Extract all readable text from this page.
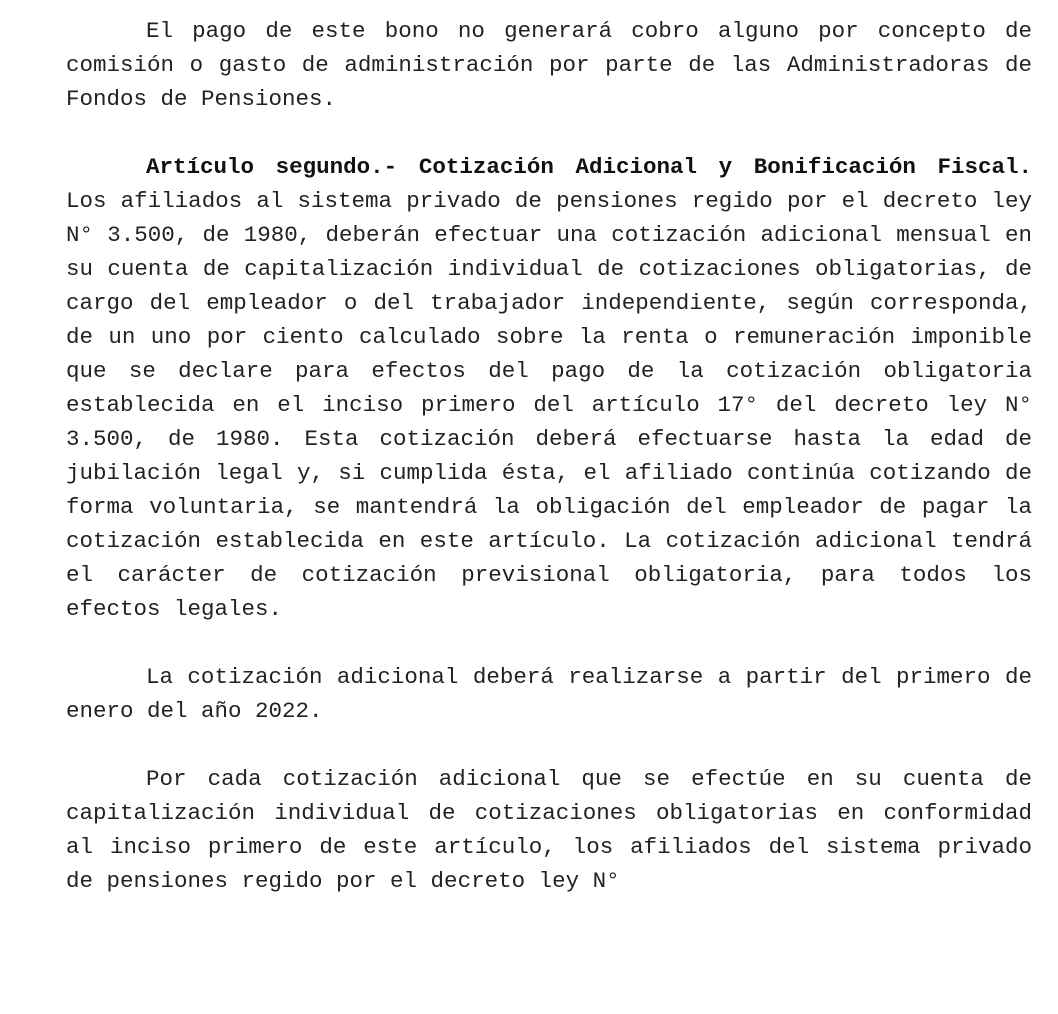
El pago de este bono no generará cobro alguno por concepto de comisión o gasto de administración por parte de las Administradoras de Fondos de Pensiones.

Artículo segundo.- Cotización Adicional y Bonificación Fiscal. Los afiliados al sistema privado de pensiones regido por el decreto ley N° 3.500, de 1980, deberán efectuar una cotización adicional mensual en su cuenta de capitalización individual de cotizaciones obligatorias, de cargo del empleador o del trabajador independiente, según corresponda, de un uno por ciento calculado sobre la renta o remuneración imponible que se declare para efectos del pago de la cotización obligatoria establecida en el inciso primero del artículo 17° del decreto ley N° 3.500, de 1980. Esta cotización deberá efectuarse hasta la edad de jubilación legal y, si cumplida ésta, el afiliado continúa cotizando de forma voluntaria, se mantendrá la obligación del empleador de pagar la cotización establecida en este artículo. La cotización adicional tendrá el carácter de cotización previsional obligatoria, para todos los efectos legales.

La cotización adicional deberá realizarse a partir del primero de enero del año 2022.

Por cada cotización adicional que se efectúe en su cuenta de capitalización individual de cotizaciones obligatorias en conformidad al inciso primero de este artículo, los afiliados del sistema privado de pensiones regido por el decreto ley N°
